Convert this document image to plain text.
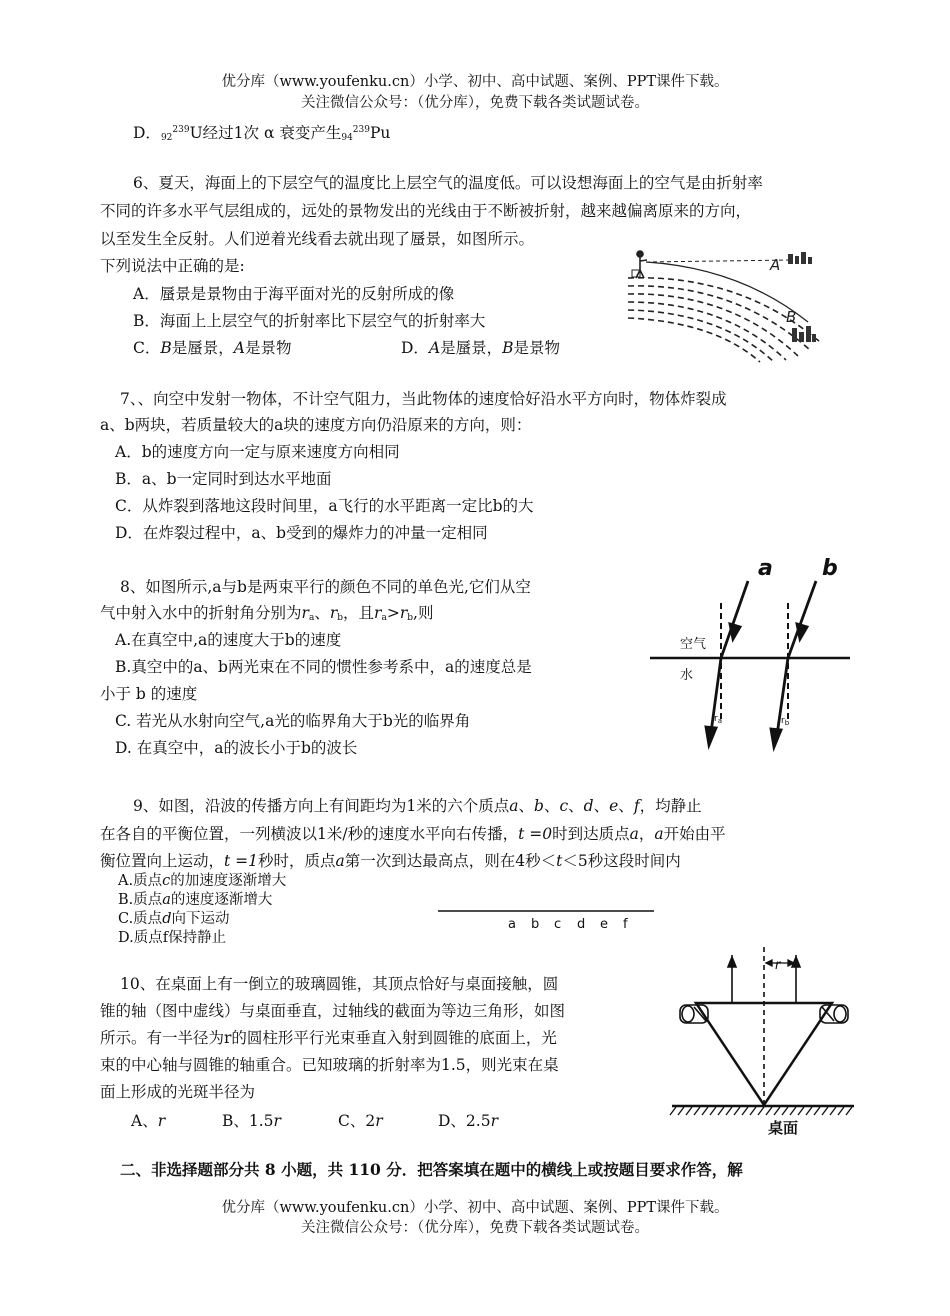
优分库（www.youfenku.cn）小学、初中、高中试题、案例、PPT课件下载。
关注微信公众号：（优分库），免费下载各类试题试卷。
D．$_{92}^{239}$U经过1次 α 衰变产生$_{94}^{239}$Pu
6、夏天，海面上的下层空气的温度比上层空气的温度低。可以设想海面上的空气是由折射率
不同的许多水平气层组成的，远处的景物发出的光线由于不断被折射，越来越偏离原来的方向，
以至发生全反射。人们逆着光线看去就出现了蜃景，如图所示。
下列说法中正确的是:
A．蜃景是景物由于海平面对光的反射所成的像
B．海面上上层空气的折射率比下层空气的折射率大
C．B是蜃景，A是景物	D．A是蜃景，B是景物
A
B
7、、向空中发射一物体，不计空气阻力，当此物体的速度恰好沿水平方向时，物体炸裂成
a、b两块，若质量较大的a块的速度方向仍沿原来的方向，则：
A．b的速度方向一定与原来速度方向相同
B．a、b一定同时到达水平地面
C．从炸裂到落地这段时间里，a飞行的水平距离一定比b的大
D．在炸裂过程中，a、b受到的爆炸力的冲量一定相同
8、如图所示,a与b是两束平行的颜色不同的单色光,它们从空
气中射入水中的折射角分别为$r_a$、$r_b$，且$r_a>r_b$,则
A.在真空中,a的速度大于b的速度
B.真空中的a、b两光束在不同的惯性参考系中，a的速度总是
小于 b 的速度
C. 若光从水射向空气,a光的临界角大于b光的临界角
D. 在真空中，a的波长小于b的波长
空气
水
a b
$r_a$	$r_b$
9、如图，沿波的传播方向上有间距均为1米的六个质点a、b、c、d、e、f，均静止
在各自的平衡位置，一列横波以1米/秒的速度水平向右传播，t =0时到达质点a，a开始由平
衡位置向上运动，t =1秒时，质点a第一次到达最高点，则在4秒＜t＜5秒这段时间内
A.质点c的加速度逐渐增大
B.质点a的速度逐渐增大
C.质点d向下运动
D.质点f保持静止
a b c d e f
10、在桌面上有一倒立的玻璃圆锥，其顶点恰好与桌面接触，圆
锥的轴（图中虚线）与桌面垂直，过轴线的截面为等边三角形，如图
所示。有一半径为r的圆柱形平行光束垂直入射到圆锥的底面上，光
束的中心轴与圆锥的轴重合。已知玻璃的折射率为1.5，则光束在桌
面上形成的光斑半径为
A、r	B、1.5r	C、2r	D、2.5r
r
桌面
二、非选择题部分共 8 小题，共 110 分．把答案填在题中的横线上或按题目要求作答，解
优分库（www.youfenku.cn）小学、初中、高中试题、案例、PPT课件下载。
关注微信公众号：（优分库），免费下载各类试题试卷。
